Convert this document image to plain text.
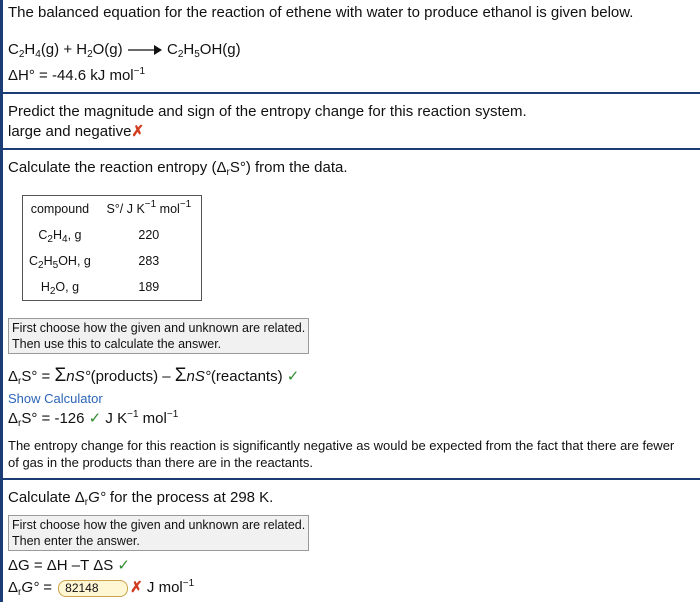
The balanced equation for the reaction of ethene with water to produce ethanol is given below.
$C_2H_4(g) + H_2O(g) \to C_2H_5OH(g)$
ΔH° = -44.6 kJ mol$^{-1}$
Predict the magnitude and sign of the entropy change for this reaction system.
large and negative✗
Calculate the reaction entropy $(\Delta_rS^\circ)$ from the data.
compound	S°/ J $K^{-1}$ mol$^{-1}$
$C_2H_4$, g	220
$C_2H_5OH$, g	283
$H_2O$, g	189
First choose how the given and unknown are related.
Then use this to calculate the answer.
$\Delta_rS^\circ$ = ΣnS°(products) – ΣnS°(reactants) ✓
Show Calculator
$\Delta_rS^\circ = -126$ ✓ J $K^{-1}$ mol$^{-1}$
The entropy change for this reaction is significantly negative as would be expected from the fact that there are fewer
of gas in the products than there are in the reactants.
Calculate $\Delta_rG^\circ$ for the process at 298 K.
First choose how the given and unknown are related.
Then enter the answer.
ΔG = ΔH –T ΔS ✓
$\Delta_rG^\circ = 82148$ ✗ J mol$^{-1}$
